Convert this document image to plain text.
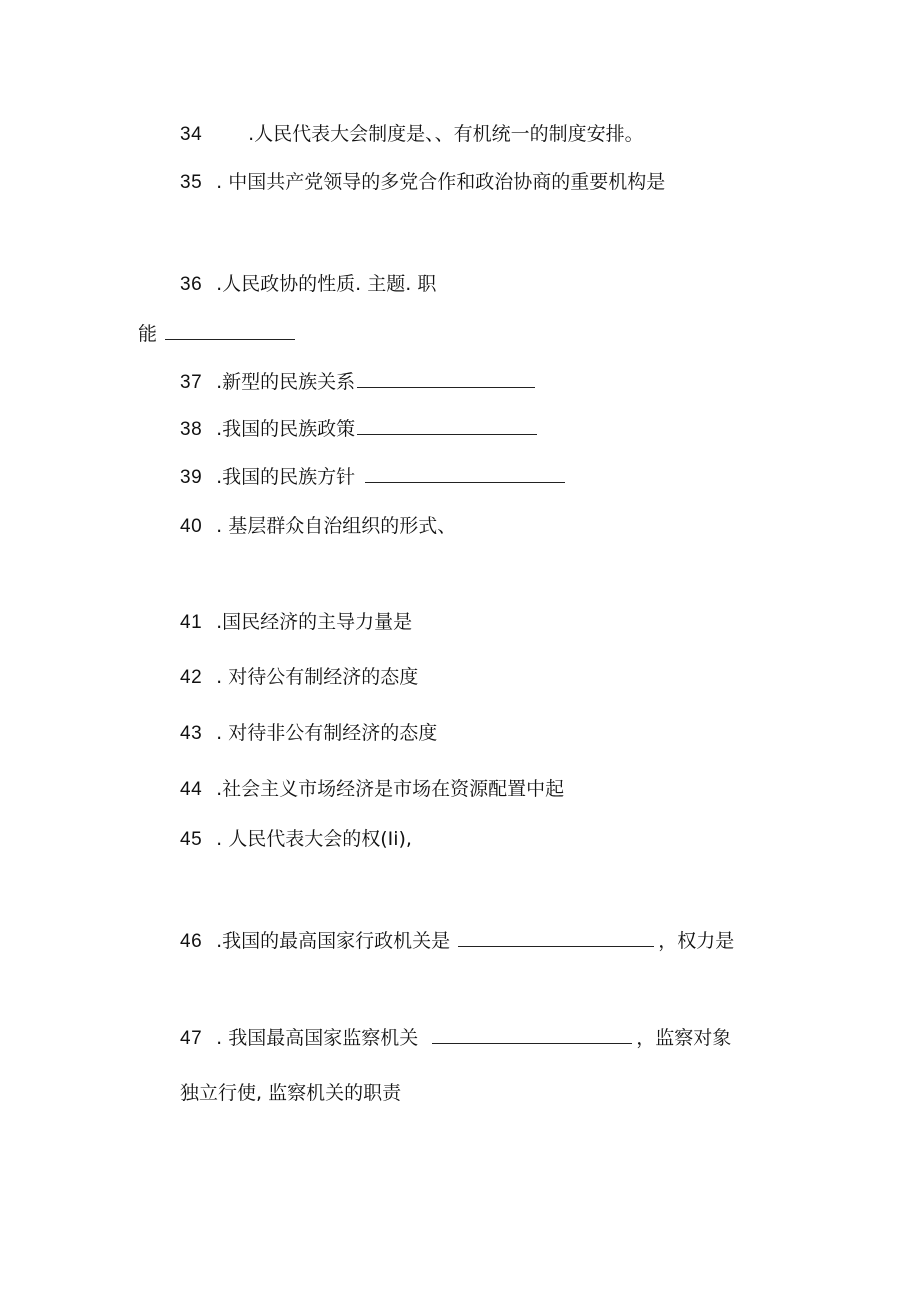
34 .人民代表大会制度是、、有机统一的制度安排。
35 . 中国共产党领导的多党合作和政治协商的重要机构是
36 .人民政协的性质. 主题. 职
能
37 .新型的民族关系
38 .我国的民族政策
39 .我国的民族方针
40 . 基层群众自治组织的形式、
41 .国民经济的主导力量是
42 . 对待公有制经济的态度
43 . 对待非公有制经济的态度
44 .社会主义市场经济是市场在资源配置中起
45 . 人民代表大会的权(Ii),
46 .我国的最高国家行政机关是	，权力是
47 . 我国最高国家监察机关	，监察对象
独立行使, 监察机关的职责
